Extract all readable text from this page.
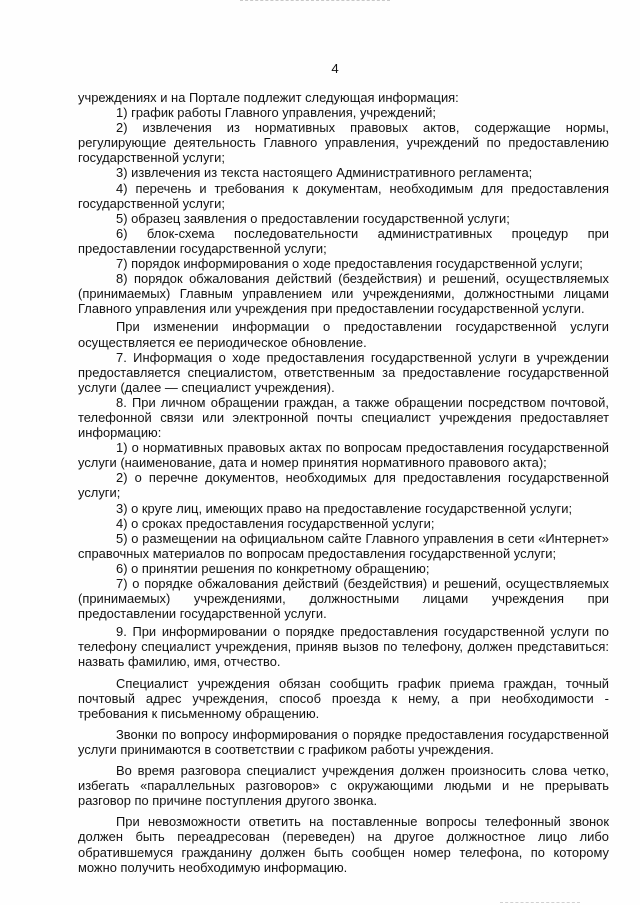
4

учреждениях и на Портале подлежит следующая информация:

1) график работы Главного управления, учреждений;

2) извлечения из нормативных правовых актов, содержащие нормы, регулирующие деятельность Главного управления, учреждений по предоставлению государственной услуги;

3) извлечения из текста настоящего Административного регламента;

4) перечень и требования к документам, необходимым для предоставления государственной услуги;

5) образец заявления о предоставлении государственной услуги;

6) блок-схема последовательности административных процедур при предоставлении государственной услуги;

7) порядок информирования о ходе предоставления государственной услуги;

8) порядок обжалования действий (бездействия) и решений, осуществляемых (принимаемых) Главным управлением или учреждениями, должностными лицами Главного управления или учреждения при предоставлении государственной услуги.

При изменении информации о предоставлении государственной услуги осуществляется ее периодическое обновление.

7. Информация о ходе предоставления государственной услуги в учреждении предоставляется специалистом, ответственным за предоставление государственной услуги (далее — специалист учреждения).

8. При личном обращении граждан, а также обращении посредством почтовой, телефонной связи или электронной почты специалист учреждения предоставляет информацию:

1) о нормативных правовых актах по вопросам предоставления государственной услуги (наименование, дата и номер принятия нормативного правового акта);

2) о перечне документов, необходимых для предоставления государственной услуги;

3) о круге лиц, имеющих право на предоставление государственной услуги;

4) о сроках предоставления государственной услуги;

5) о размещении на официальном сайте Главного управления в сети «Интернет» справочных материалов по вопросам предоставления государственной услуги;

6) о принятии решения по конкретному обращению;

7) о порядке обжалования действий (бездействия) и решений, осуществляемых (принимаемых) учреждениями, должностными лицами учреждения при предоставлении государственной услуги.

9. При информировании о порядке предоставления государственной услуги по телефону специалист учреждения, приняв вызов по телефону, должен представиться: назвать фамилию, имя, отчество.

Специалист учреждения обязан сообщить график приема граждан, точный почтовый адрес учреждения, способ проезда к нему, а при необходимости - требования к письменному обращению.

Звонки по вопросу информирования о порядке предоставления государственной услуги принимаются в соответствии с графиком работы учреждения.

Во время разговора специалист учреждения должен произносить слова четко, избегать «параллельных разговоров» с окружающими людьми и не прерывать разговор по причине поступления другого звонка.

При невозможности ответить на поставленные вопросы телефонный звонок должен быть переадресован (переведен) на другое должностное лицо либо обратившемуся гражданину должен быть сообщен номер телефона, по которому можно получить необходимую информацию.
